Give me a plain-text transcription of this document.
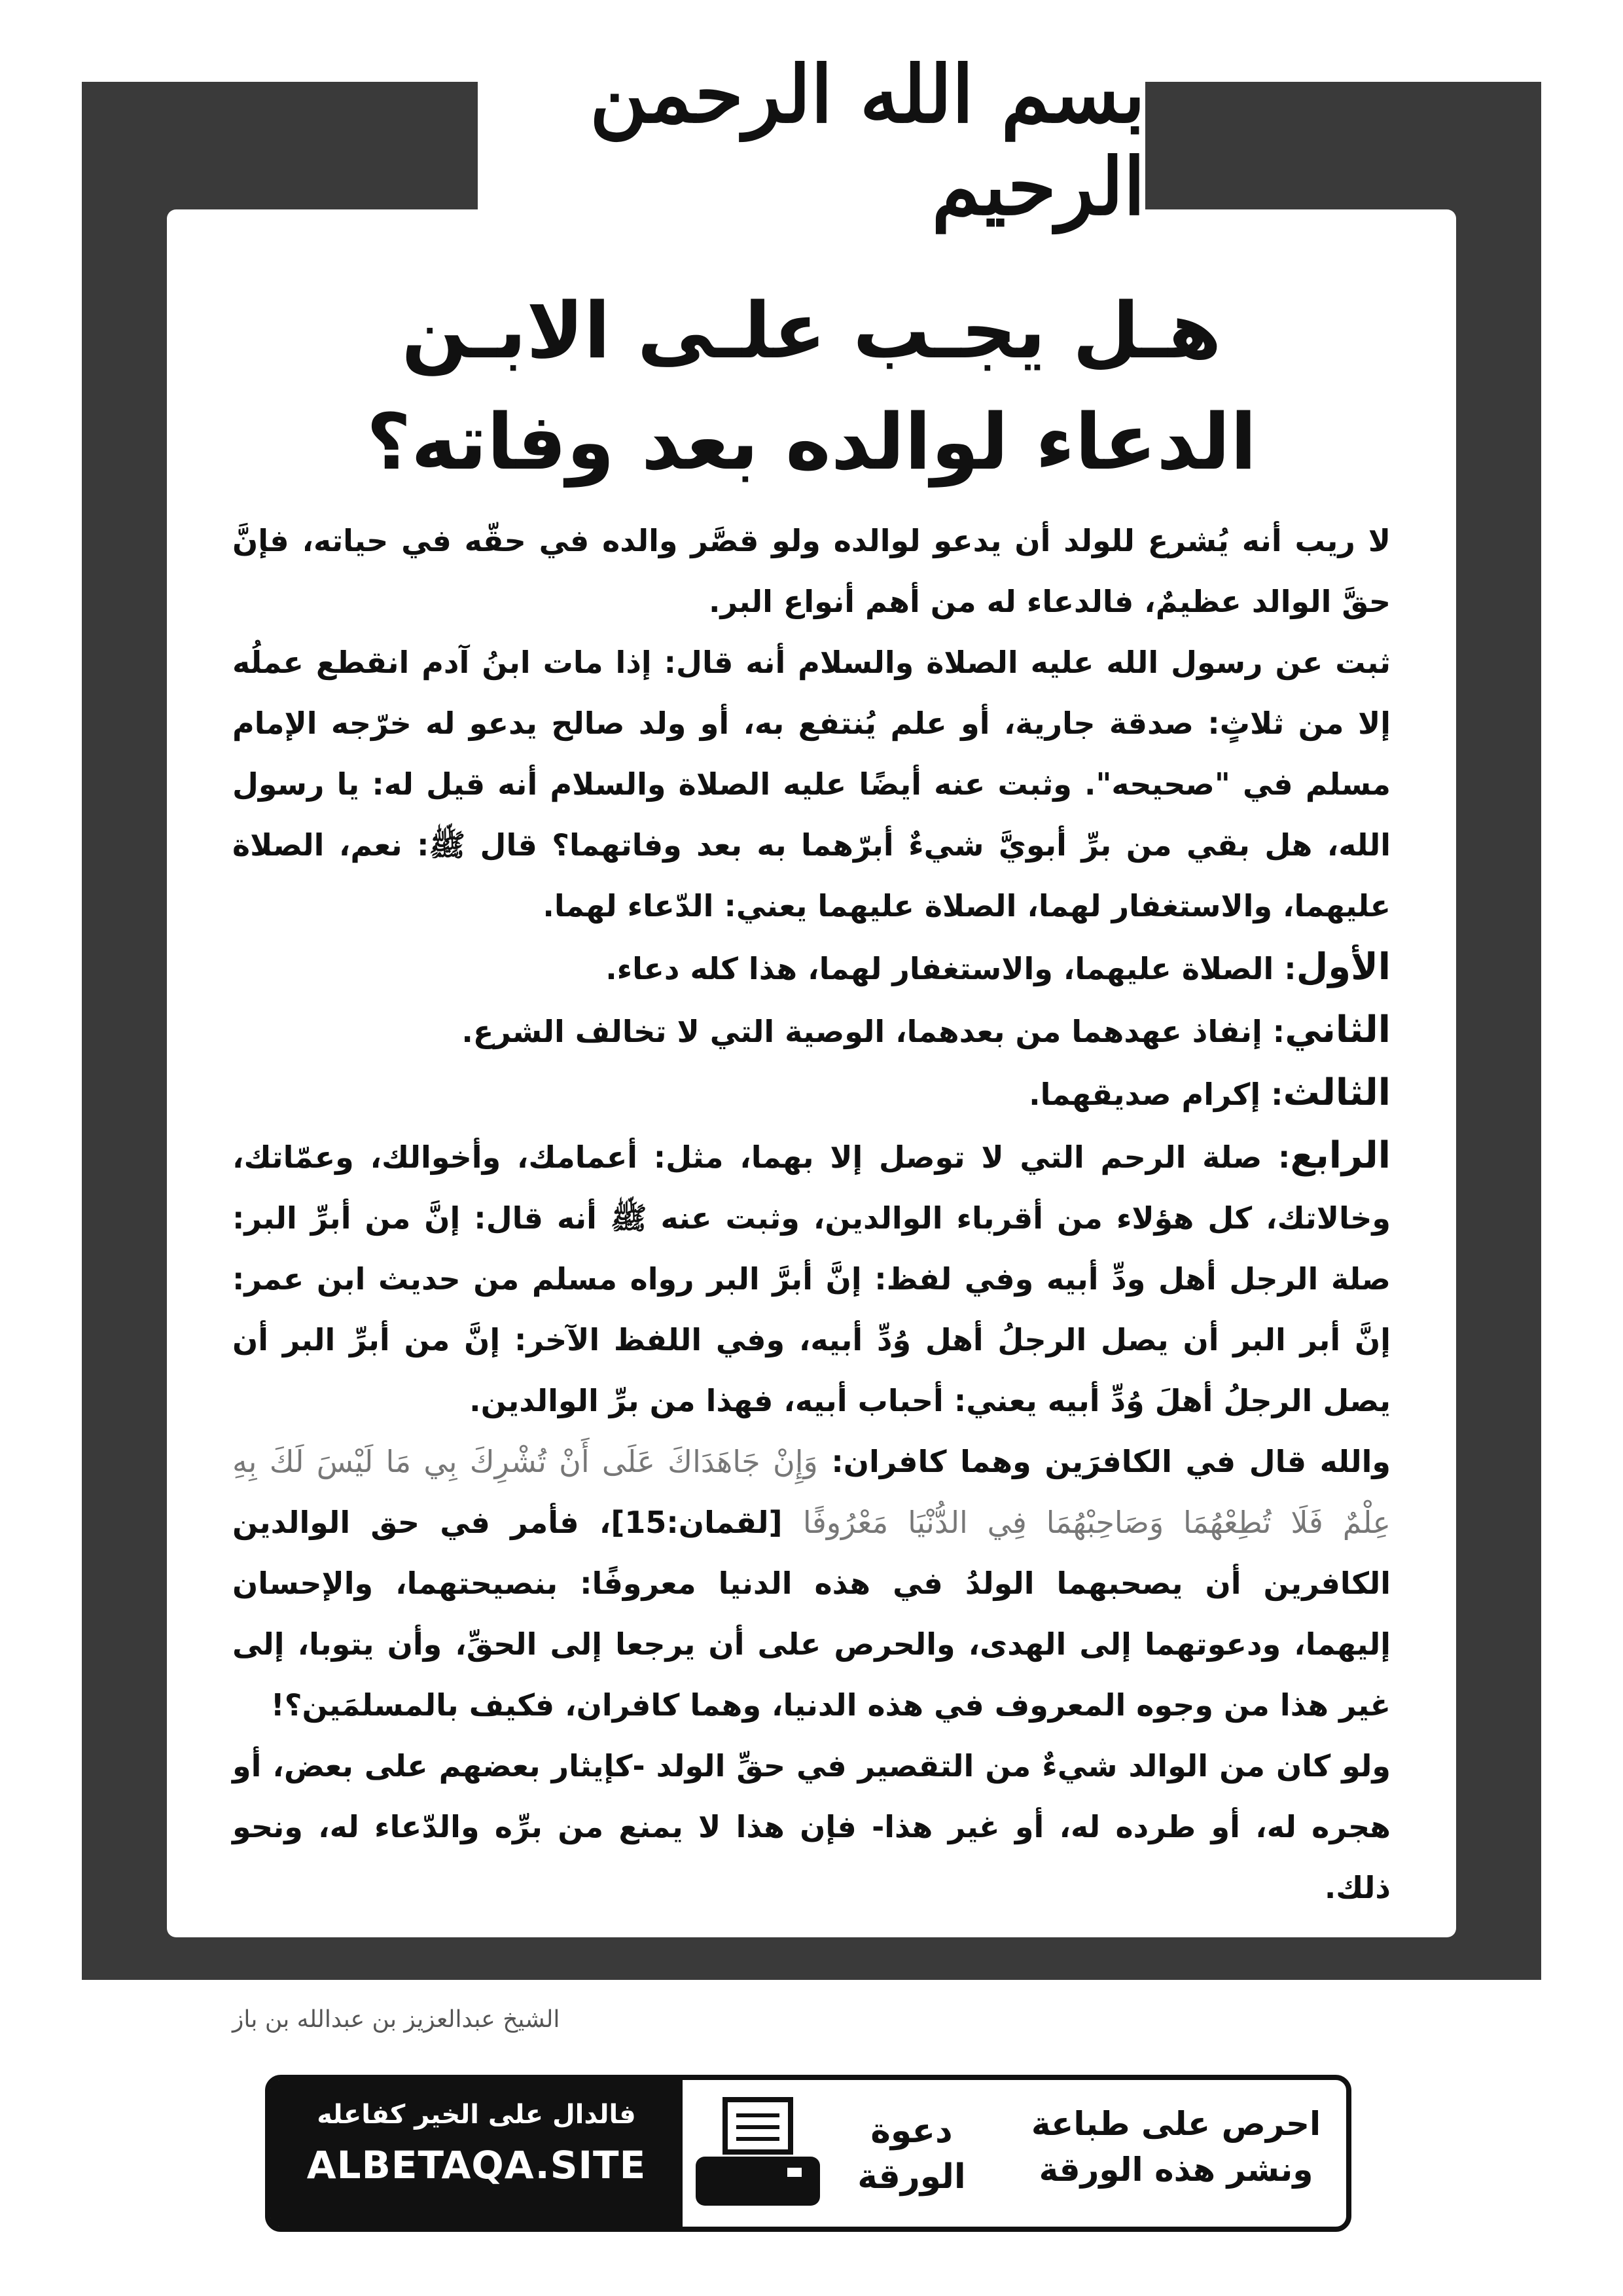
بسم الله الرحمن الرحيم
هـل يجـب علـى الابـن
الدعاء لوالده بعد وفاته؟

لا ريب أنه يُشرع للولد أن يدعو لوالده ولو قصَّر والده في حقّه في حياته، فإنَّ حقَّ الوالد عظيمٌ، فالدعاء له من أهم أنواع البر.

ثبت عن رسول الله عليه الصلاة والسلام أنه قال: إذا مات ابنُ آدم انقطع عملُه إلا من ثلاثٍ: صدقة جارية، أو علم يُنتفع به، أو ولد صالح يدعو له خرّجه الإمام مسلم في "صحيحه". وثبت عنه أيضًا عليه الصلاة والسلام أنه قيل له: يا رسول الله، هل بقي من برِّ أبويَّ شيءٌ أبرّهما به بعد وفاتهما؟ قال ﷺ: نعم، الصلاة عليهما، والاستغفار لهما، الصلاة عليهما يعني: الدّعاء لهما.

الأول: الصلاة عليهما، والاستغفار لهما، هذا كله دعاء.

الثاني: إنفاذ عهدهما من بعدهما، الوصية التي لا تخالف الشرع.

الثالث: إكرام صديقهما.

الرابع: صلة الرحم التي لا توصل إلا بهما، مثل: أعمامك، وأخوالك، وعمّاتك، وخالاتك، كل هؤلاء من أقرباء الوالدين، وثبت عنه ﷺ أنه قال: إنَّ من أبرِّ البر: صلة الرجل أهل ودِّ أبيه وفي لفظ: إنَّ أبرَّ البر رواه مسلم من حديث ابن عمر: إنَّ أبر البر أن يصل الرجلُ أهل وُدِّ أبيه، وفي اللفظ الآخر: إنَّ من أبرِّ البر أن يصل الرجلُ أهلَ وُدِّ أبيه يعني: أحباب أبيه، فهذا من برِّ الوالدين.

والله قال في الكافرَين وهما كافران: وَإِنْ جَاهَدَاكَ عَلَى أَنْ تُشْرِكَ بِي مَا لَيْسَ لَكَ بِهِ عِلْمٌ فَلَا تُطِعْهُمَا وَصَاحِبْهُمَا فِي الدُّنْيَا مَعْرُوفًا [لقمان:15]، فأمر في حق الوالدين الكافرين أن يصحبهما الولدُ في هذه الدنيا معروفًا: بنصيحتهما، والإحسان إليهما، ودعوتهما إلى الهدى، والحرص على أن يرجعا إلى الحقِّ، وأن يتوبا، إلى غير هذا من وجوه المعروف في هذه الدنيا، وهما كافران، فكيف بالمسلمَين؟!

ولو كان من الوالد شيءٌ من التقصير في حقِّ الولد -كإيثار بعضهم على بعض، أو هجره له، أو طرده له، أو غير هذا- فإن هذا لا يمنع من برِّه والدّعاء له، ونحو ذلك.

الشيخ عبدالعزيز بن عبدالله بن باز
فالدال على الخير كفاعله
ALBETAQA.SITE
دعوة
الورقة
احرص على طباعة
ونشر هذه الورقة
